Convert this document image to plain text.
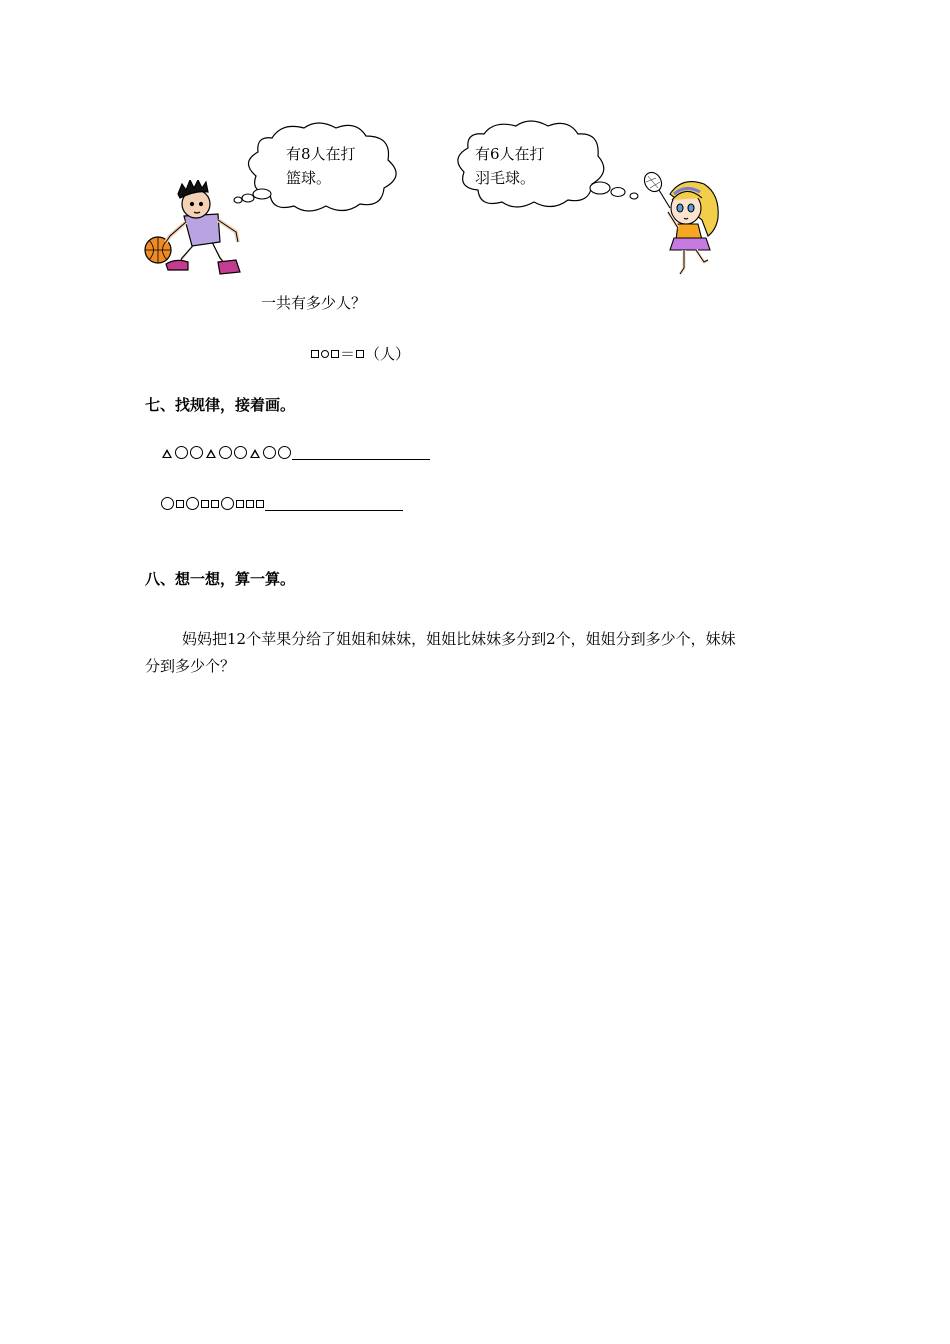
有8人在打
篮球。
有6人在打
羽毛球。
一共有多少人？
＝ （人）
七、找规律，接着画。
八、想一想，算一算。
妈妈把12个苹果分给了姐姐和妹妹，姐姐比妹妹多分到2个，姐姐分到多少个，妹妹
分到多少个？
